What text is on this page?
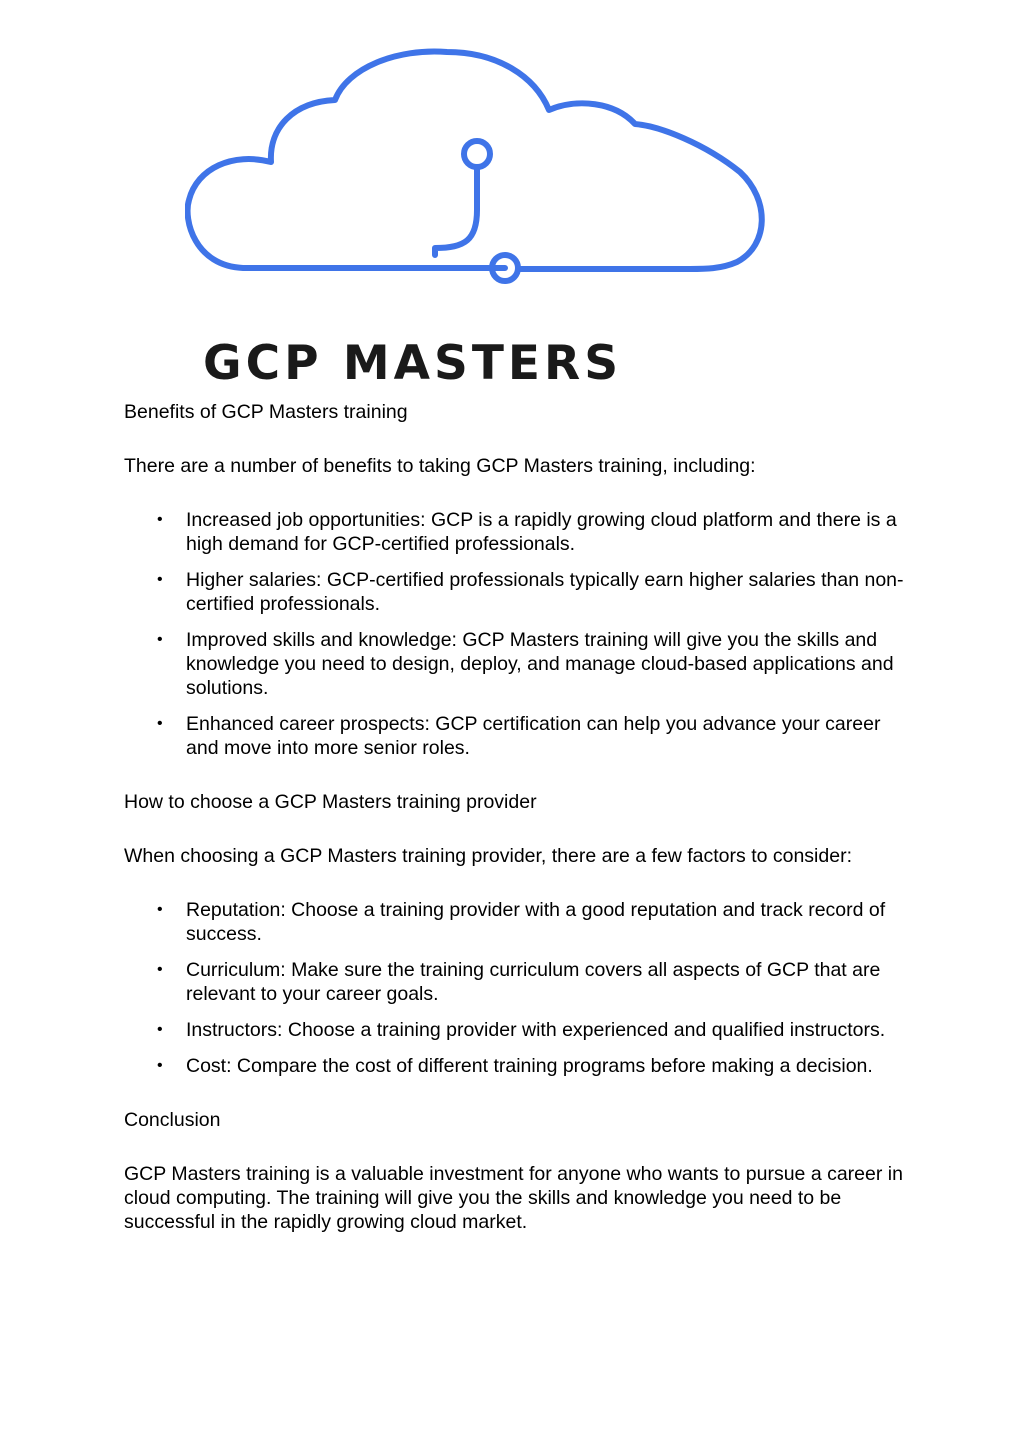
GCP MASTERS

Benefits of GCP Masters training

There are a number of benefits to taking GCP Masters training, including:

• Increased job opportunities: GCP is a rapidly growing cloud platform and there is a high demand for GCP-certified professionals.
• Higher salaries: GCP-certified professionals typically earn higher salaries than non-certified professionals.
• Improved skills and knowledge: GCP Masters training will give you the skills and knowledge you need to design, deploy, and manage cloud-based applications and solutions.
• Enhanced career prospects: GCP certification can help you advance your career and move into more senior roles.

How to choose a GCP Masters training provider

When choosing a GCP Masters training provider, there are a few factors to consider:

• Reputation: Choose a training provider with a good reputation and track record of success.
• Curriculum: Make sure the training curriculum covers all aspects of GCP that are relevant to your career goals.
• Instructors: Choose a training provider with experienced and qualified instructors.
• Cost: Compare the cost of different training programs before making a decision.

Conclusion

GCP Masters training is a valuable investment for anyone who wants to pursue a career in cloud computing. The training will give you the skills and knowledge you need to be successful in the rapidly growing cloud market.
